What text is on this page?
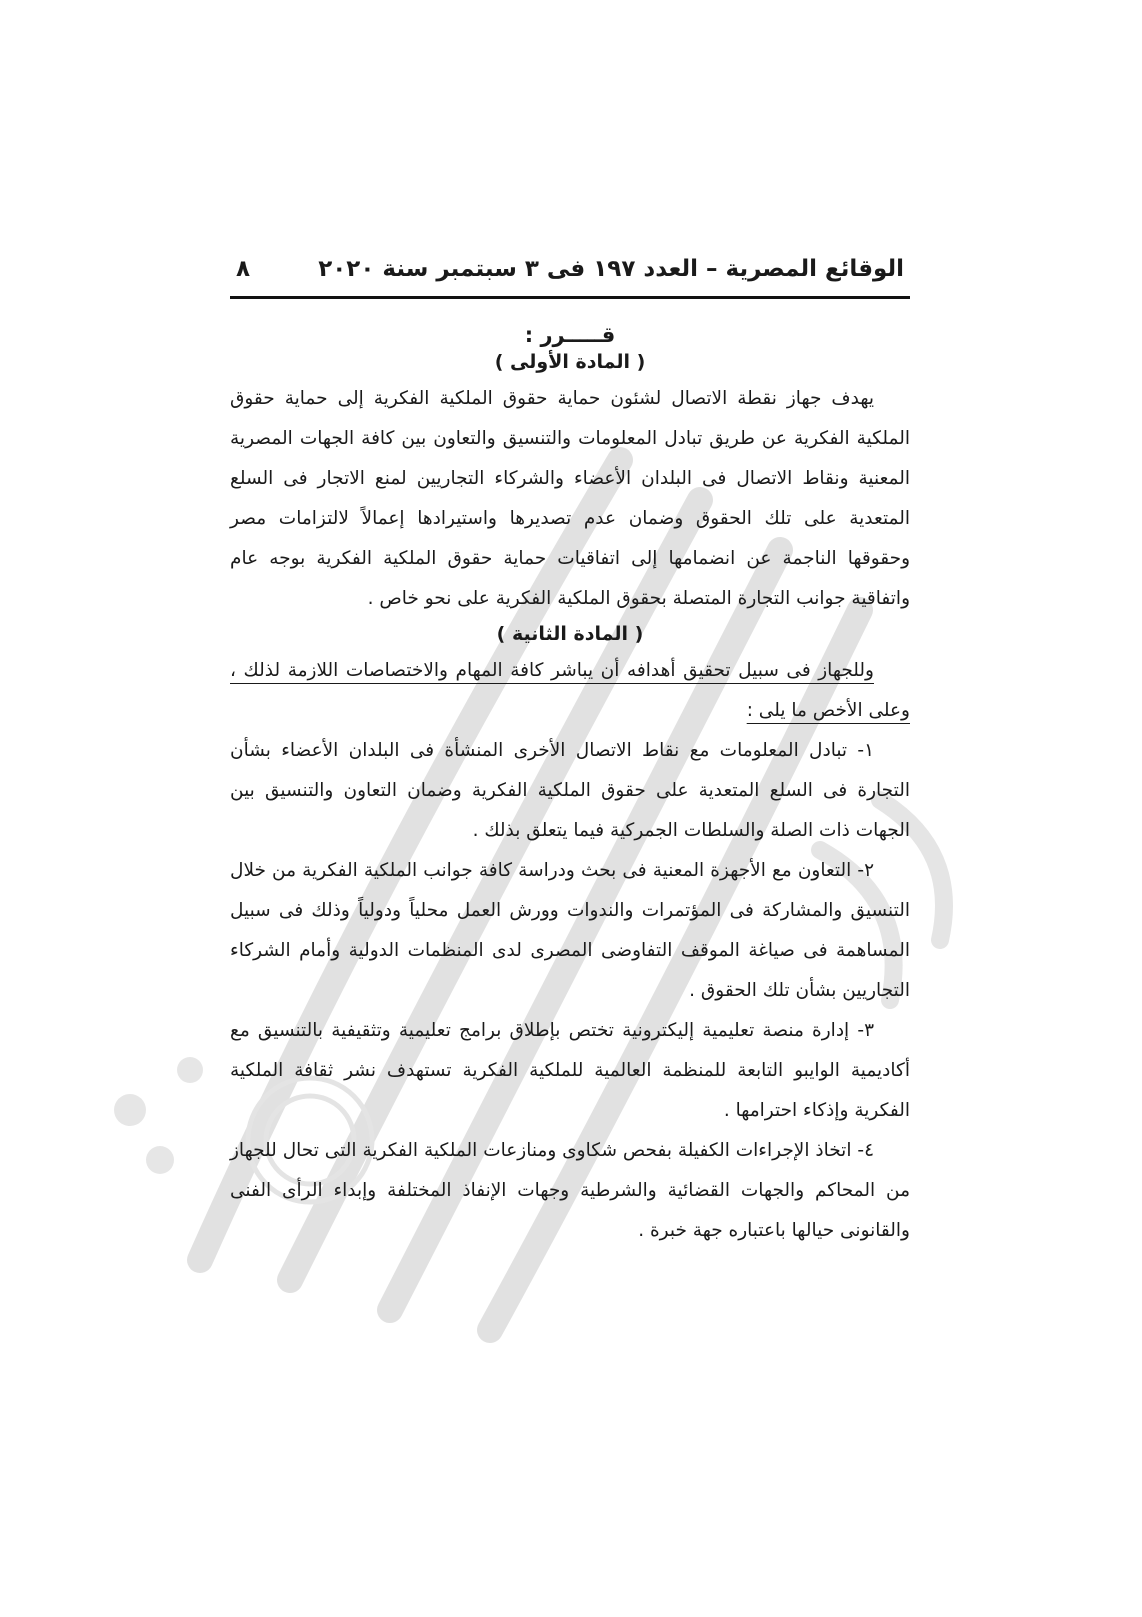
الوقائع المصرية – العدد ١٩٧ فى ٣ سبتمبر سنة ٢٠٢٠
٨
قـــــرر :
( المادة الأولى )

يهدف جهاز نقطة الاتصال لشئون حماية حقوق الملكية الفكرية إلى حماية حقوق الملكية الفكرية عن طريق تبادل المعلومات والتنسيق والتعاون بين كافة الجهات المصرية المعنية ونقاط الاتصال فى البلدان الأعضاء والشركاء التجاريين لمنع الاتجار فى السلع المتعدية على تلك الحقوق وضمان عدم تصديرها واستيرادها إعمالاً لالتزامات مصر وحقوقها الناجمة عن انضمامها إلى اتفاقيات حماية حقوق الملكية الفكرية بوجه عام واتفاقية جوانب التجارة المتصلة بحقوق الملكية الفكرية على نحو خاص .

( المادة الثانية )

وللجهاز فى سبيل تحقيق أهدافه أن يباشر كافة المهام والاختصاصات اللازمة لذلك ، وعلى الأخص ما يلى :

١- تبادل المعلومات مع نقاط الاتصال الأخرى المنشأة فى البلدان الأعضاء بشأن التجارة فى السلع المتعدية على حقوق الملكية الفكرية وضمان التعاون والتنسيق بين الجهات ذات الصلة والسلطات الجمركية فيما يتعلق بذلك .

٢- التعاون مع الأجهزة المعنية فى بحث ودراسة كافة جوانب الملكية الفكرية من خلال التنسيق والمشاركة فى المؤتمرات والندوات وورش العمل محلياً ودولياً وذلك فى سبيل المساهمة فى صياغة الموقف التفاوضى المصرى لدى المنظمات الدولية وأمام الشركاء التجاريين بشأن تلك الحقوق .

٣- إدارة منصة تعليمية إليكترونية تختص بإطلاق برامج تعليمية وتثقيفية بالتنسيق مع أكاديمية الوايبو التابعة للمنظمة العالمية للملكية الفكرية تستهدف نشر ثقافة الملكية الفكرية وإذكاء احترامها .

٤- اتخاذ الإجراءات الكفيلة بفحص شكاوى ومنازعات الملكية الفكرية التى تحال للجهاز من المحاكم والجهات القضائية والشرطية وجهات الإنفاذ المختلفة وإبداء الرأى الفنى والقانونى حيالها باعتباره جهة خبرة .
